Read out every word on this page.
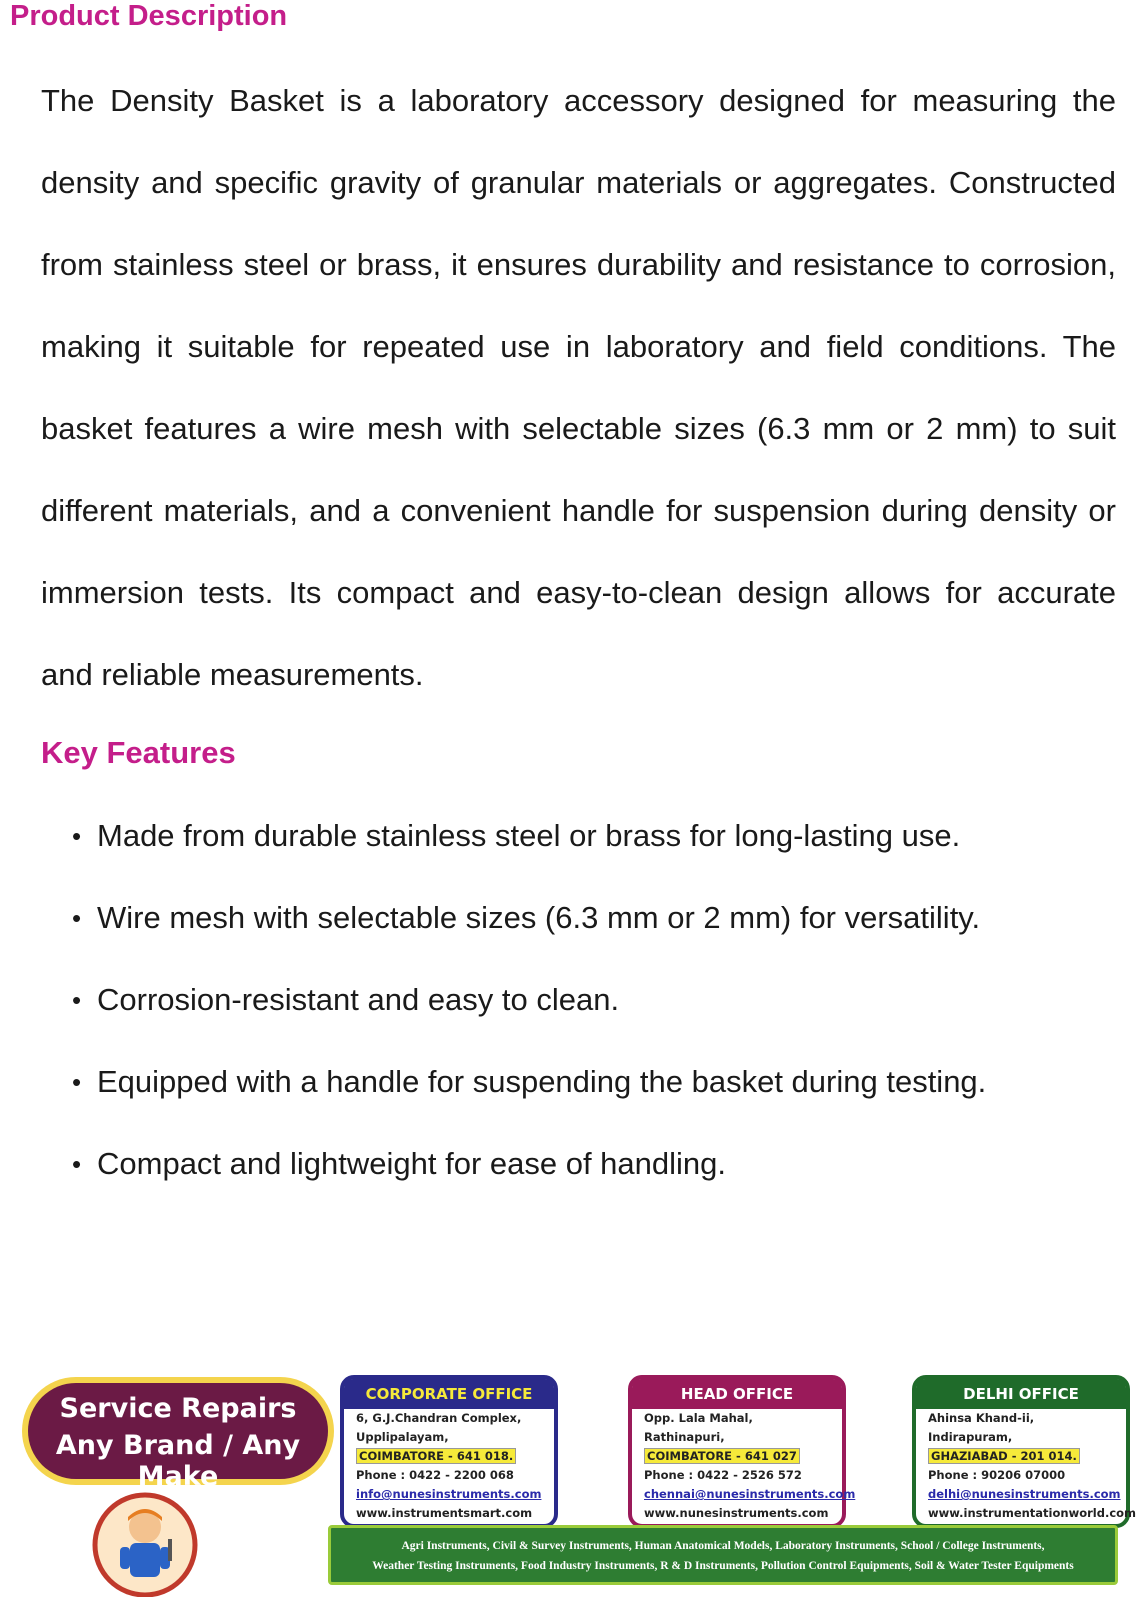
Product Description

The Density Basket is a laboratory accessory designed for measuring the density and specific gravity of granular materials or aggregates. Constructed from stainless steel or brass, it ensures durability and resistance to corrosion, making it suitable for repeated use in laboratory and field conditions. The basket features a wire mesh with selectable sizes (6.3 mm or 2 mm) to suit different materials, and a convenient handle for suspension during density or immersion tests. Its compact and easy-to-clean design allows for accurate and reliable measurements.

Key Features
• Made from durable stainless steel or brass for long-lasting use.
• Wire mesh with selectable sizes (6.3 mm or 2 mm) for versatility.
• Corrosion-resistant and easy to clean.
• Equipped with a handle for suspending the basket during testing.
• Compact and lightweight for ease of handling.
Service Repairs
Any Brand / Any Make
CORPORATE OFFICE
6, G.J.Chandran Complex,
Upplipalayam,
COIMBATORE - 641 018.
Phone : 0422 - 2200 068
info@nunesinstruments.com
www.instrumentsmart.com
HEAD OFFICE
Opp. Lala Mahal,
Rathinapuri,
COIMBATORE - 641 027
Phone : 0422 - 2526 572
chennai@nunesinstruments.com
www.nunesinstruments.com
DELHI OFFICE
Ahinsa Khand-ii,
Indirapuram,
GHAZIABAD - 201 014.
Phone : 90206 07000
delhi@nunesinstruments.com
www.instrumentationworld.com
Agri Instruments, Civil & Survey Instruments, Human Anatomical Models, Laboratory Instruments, School / College Instruments,
Weather Testing Instruments, Food Industry Instruments, R & D Instruments, Pollution Control Equipments, Soil & Water Tester Equipments
